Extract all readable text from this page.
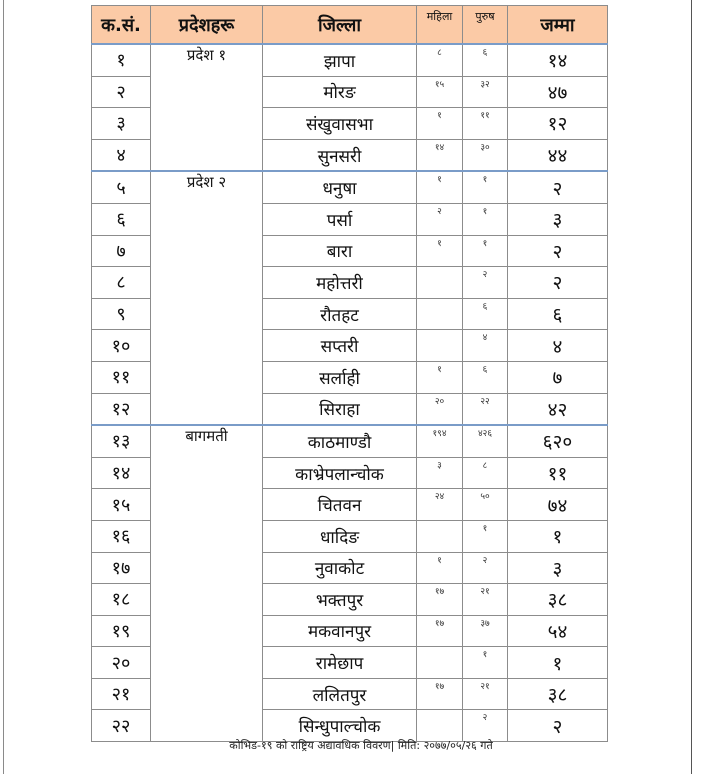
क.सं.	प्रदेशहरू	जिल्ला	महिला	पुरुष	जम्मा
१	प्रदेश १	झापा	८	६	१४
२		मोरङ	१५	३२	४७
३		संखुवासभा	१	११	१२
४		सुनसरी	१४	३०	४४
५	प्रदेश २	धनुषा	१	१	२
६		पर्सा	२	१	३
७		बारा	१	१	२
८		महोत्तरी		२	२
९		रौतहट		६	६
१०		सप्तरी		४	४
११		सर्लाही	१	६	७
१२		सिराहा	२०	२२	४२
१३	बागमती	काठमाण्डौ	१९४	४२६	६२०
१४		काभ्रेपलान्चोक	३	८	११
१५		चितवन	२४	५०	७४
१६		धादिङ		१	१
१७		नुवाकोट	१	२	३
१८		भक्तपुर	१७	२१	३८
१९		मकवानपुर	१७	३७	५४
२०		रामेछाप		१	१
२१		ललितपुर	१७	२१	३८
२२		सिन्धुपाल्चोक		२	२
कोभिड-१९ को राष्ट्रिय अद्यावधिक विवरण| मिति: २०७७/०५/२६ गते
